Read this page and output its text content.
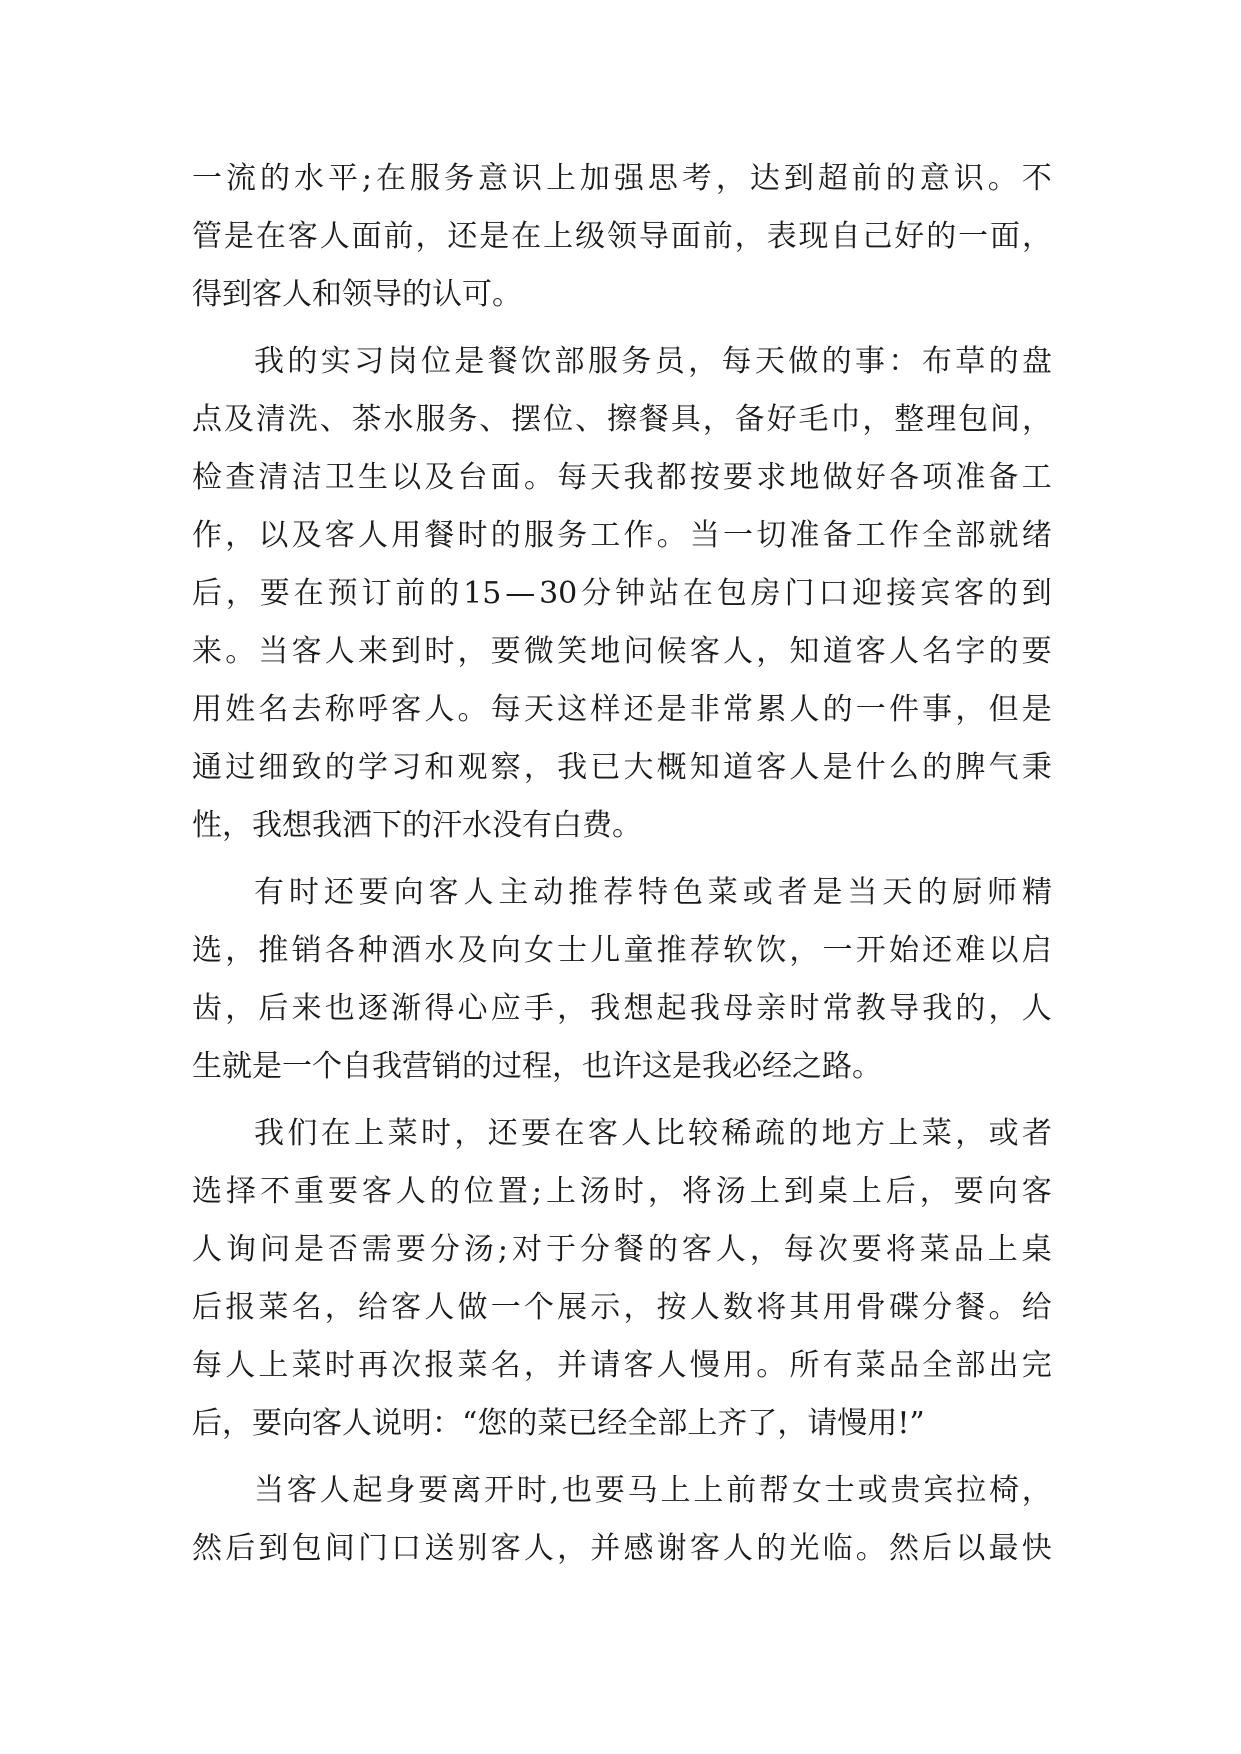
一 流 的 水 平 ; 在 服 务 意 识 上 加 强 思 考 ， 达 到 超 前 的 意 识 。 不
管 是 在 客 人 面 前 ， 还 是 在 上 级 领 导 面 前 ， 表 现 自 己 好 的 一 面 ，
得到客人和领导的认可。
我 的 实 习 岗 位 是 餐 饮 部 服 务 员 ， 每 天 做 的 事 ： 布 草 的 盘
点 及 清 洗 、 茶 水 服 务 、 摆 位 、 擦 餐 具 ， 备 好 毛 巾 ， 整 理 包 间 ，
检 查 清 洁 卫 生 以 及 台 面 。 每 天 我 都 按 要 求 地 做 好 各 项 准 备 工
作 ， 以 及 客 人 用 餐 时 的 服 务 工 作 。 当 一 切 准 备 工 作 全 部 就 绪
后 ， 要 在 预 订 前 的 15 — 30 分 钟 站 在 包 房 门 口 迎 接 宾 客 的 到
来 。 当 客 人 来 到 时 ， 要 微 笑 地 问 候 客 人 ， 知 道 客 人 名 字 的 要
用 姓 名 去 称 呼 客 人 。 每 天 这 样 还 是 非 常 累 人 的 一 件 事 ， 但 是
通 过 细 致 的 学 习 和 观 察 ， 我 已 大 概 知 道 客 人 是 什 么 的 脾 气 秉
性，我想我洒下的汗水没有白费。
有 时 还 要 向 客 人 主 动 推 荐 特 色 菜 或 者 是 当 天 的 厨 师 精
选 ， 推 销 各 种 酒 水 及 向 女 士 儿 童 推 荐 软 饮 ， 一 开 始 还 难 以 启
齿 ， 后 来 也 逐 渐 得 心 应 手 ， 我 想 起 我 母 亲 时 常 教 导 我 的 ， 人
生就是一个自我营销的过程，也许这是我必经之路。
我 们 在 上 菜 时 ， 还 要 在 客 人 比 较 稀 疏 的 地 方 上 菜 ， 或 者
选 择 不 重 要 客 人 的 位 置 ; 上 汤 时 ， 将 汤 上 到 桌 上 后 ， 要 向 客
人 询 问 是 否 需 要 分 汤 ; 对 于 分 餐 的 客 人 ， 每 次 要 将 菜 品 上 桌
后 报 菜 名 ， 给 客 人 做 一 个 展 示 ， 按 人 数 将 其 用 骨 碟 分 餐 。 给
每 人 上 菜 时 再 次 报 菜 名 ， 并 请 客 人 慢 用 。 所 有 菜 品 全 部 出 完
后，要向客人说明：“您的菜已经全部上齐了，请慢用!”
当 客 人 起 身 要 离 开 时 , 也 要 马 上 上 前 帮 女 士 或 贵 宾 拉 椅 ，
然 后 到 包 间 门 口 送 别 客 人 ， 并 感 谢 客 人 的 光 临 。 然 后 以 最 快
